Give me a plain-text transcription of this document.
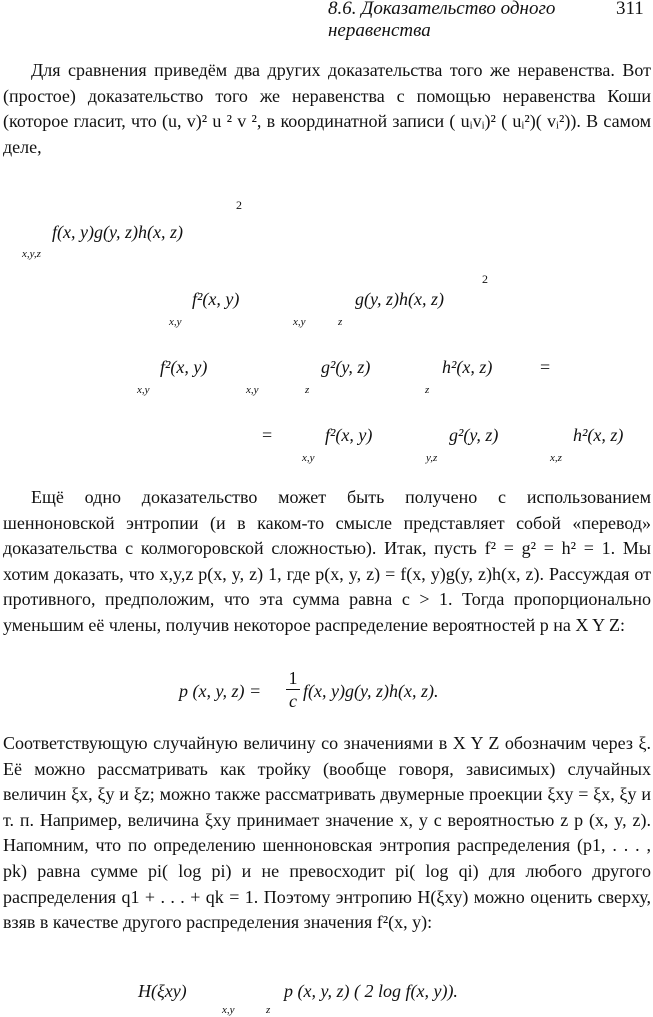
8.6. Доказательство одного неравенства
311

Для сравнения приведём два других доказательства того же неравенства. Вот (простое) доказательство того же неравенства с помощью неравенства Коши (которое гласит, что (u, v)² u ² v ², в координатной записи ( uᵢvᵢ)² ( uᵢ²)( vᵢ²)). В самом деле,

2
f(x, y)g(y, z)h(x, z)
x,y,z
f²(x, y)
x,y	x,y	z
g(y, z)h(x, z)
2
f²(x, y)
x,y	x,y	z
g²(y, z)
z
h²(x, z)	=
=	f²(x, y)
x,y
g²(y, z)
y,z
h²(x, z)
x,z

Ещё одно доказательство может быть получено с использованием шенноновской энтропии (и в каком-то смысле представляет собой «перевод» доказательства с колмогоровской сложностью). Итак, пусть f² = g² = h² = 1. Мы хотим доказать, что x,y,z p(x, y, z) 1, где p(x, y, z) = f(x, y)g(y, z)h(x, z). Рассуждая от противного, предположим, что эта сумма равна c > 1. Тогда пропорционально уменьшим её члены, получив некоторое распределение вероятностей p на X Y Z:

p (x, y, z) =
1
c f(x, y)g(y, z)h(x, z).

Соответствующую случайную величину со значениями в X Y Z обозначим через ξ. Её можно рассматривать как тройку (вообще говоря, зависимых) случайных величин ξx, ξy и ξz; можно также рассматривать двумерные проекции ξxy = ξx, ξy и т. п. Например, величина ξxy принимает значение x, y с вероятностью z p (x, y, z). Напомним, что по определению шенноновская энтропия распределения (p1, . . . , pk) равна сумме pi( log pi) и не превосходит pi( log qi) для любого другого распределения q1 + . . . + qk = 1. Поэтому энтропию H(ξxy) можно оценить сверху, взяв в качестве другого распределения значения f²(x, y):

H(ξxy)
x,y	z
p (x, y, z) ( 2 log f(x, y)).
